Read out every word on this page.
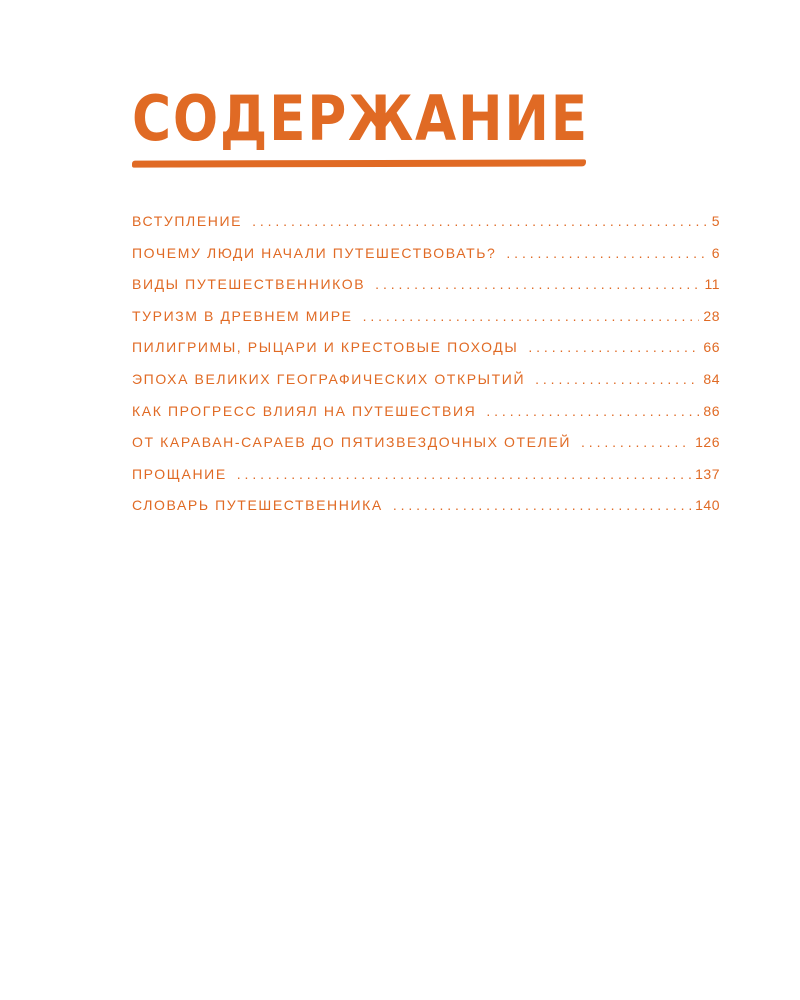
СОДЕРЖАНИЕ
ВСТУПЛЕНИЕ . . .	5
ПОЧЕМУ ЛЮДИ НАЧАЛИ ПУТЕШЕСТВОВАТЬ? . . .	6
ВИДЫ ПУТЕШЕСТВЕННИКОВ . . .	11
ТУРИЗМ В ДРЕВНЕМ МИРЕ . . .	28
ПИЛИГРИМЫ, РЫЦАРИ И КРЕСТОВЫЕ ПОХОДЫ . . .	66
ЭПОХА ВЕЛИКИХ ГЕОГРАФИЧЕСКИХ ОТКРЫТИЙ . . .	84
КАК ПРОГРЕСС ВЛИЯЛ НА ПУТЕШЕСТВИЯ . . .	86
ОТ КАРАВАН-САРАЕВ ДО ПЯТИЗВЕЗДОЧНЫХ ОТЕЛЕЙ . . .	126
ПРОЩАНИЕ . . .	137
СЛОВАРЬ ПУТЕШЕСТВЕННИКА . . .	140
